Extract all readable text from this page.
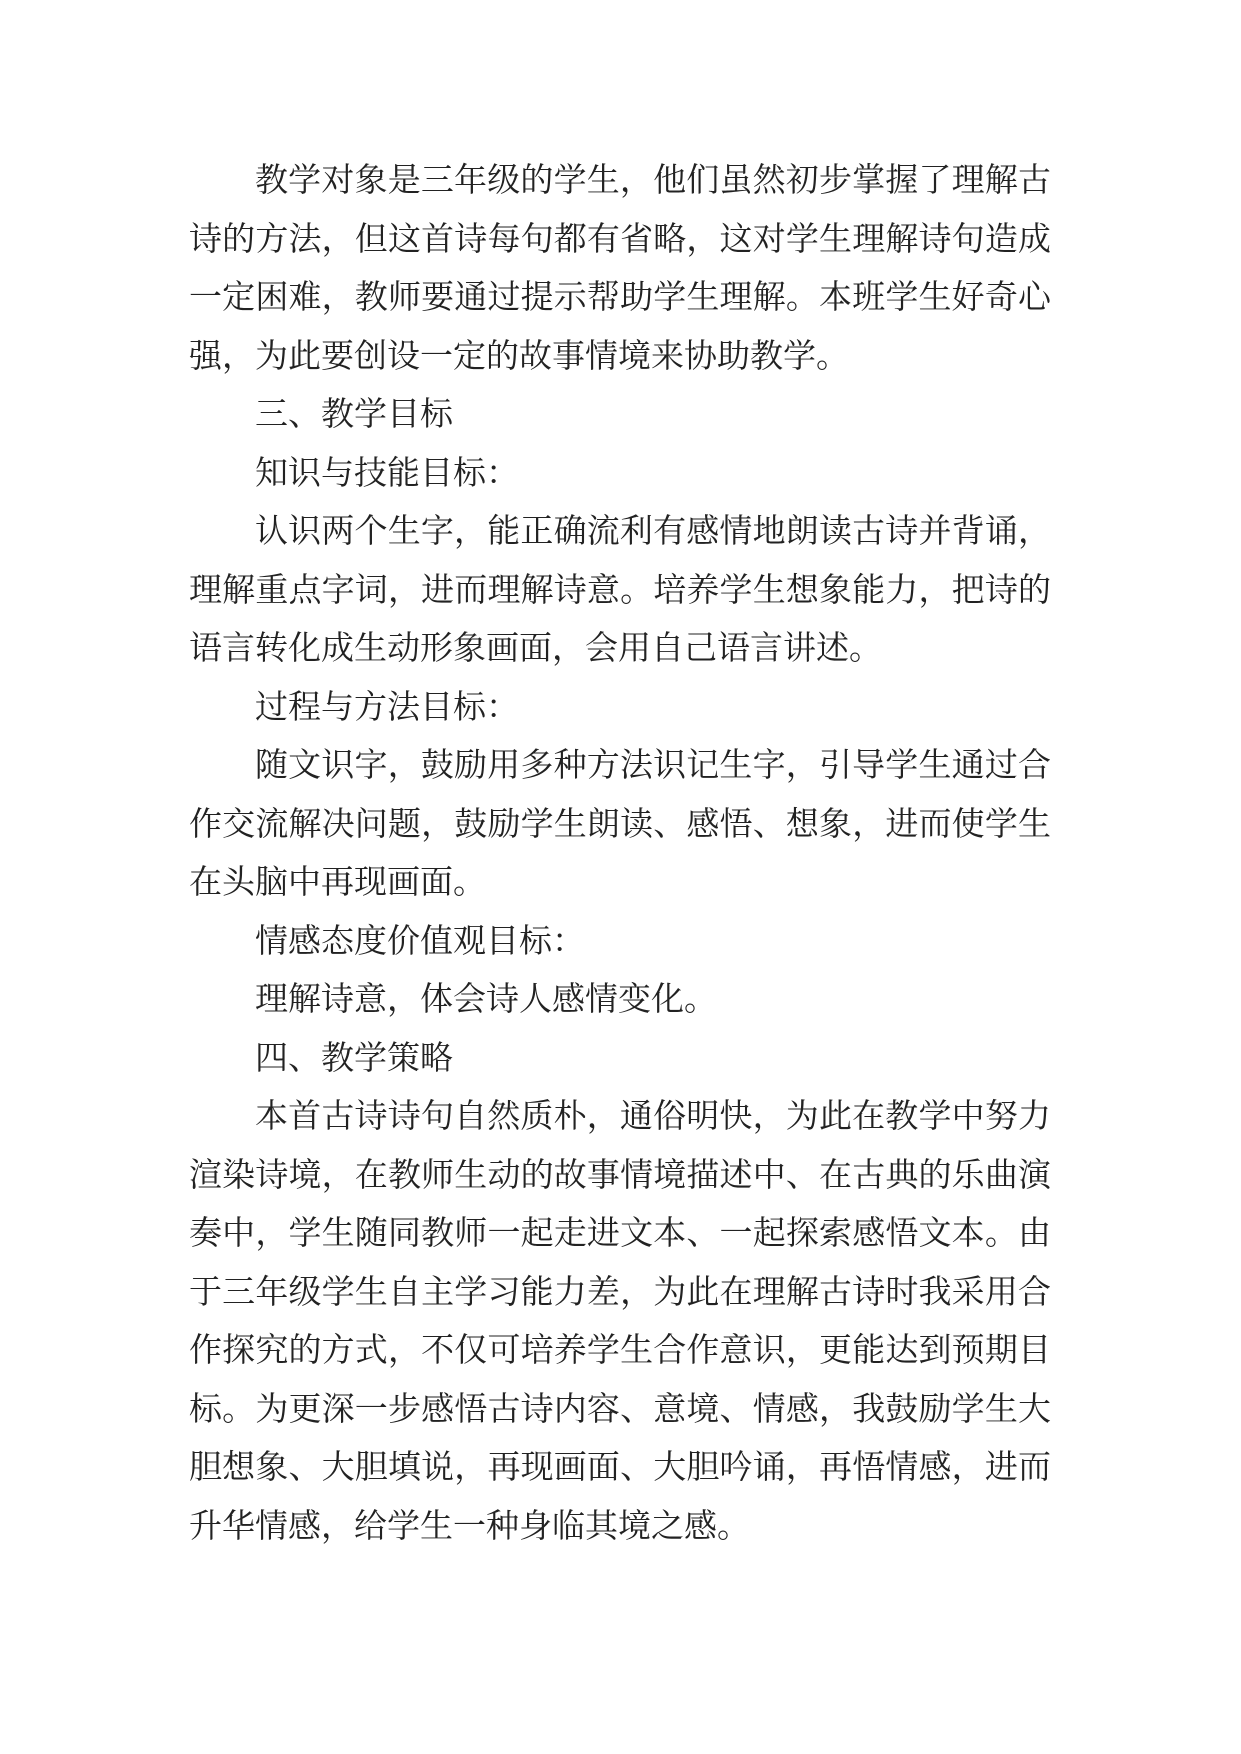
教学对象是三年级的学生，他们虽然初步掌握了理解古诗的方法，但这首诗每句都有省略，这对学生理解诗句造成一定困难，教师要通过提示帮助学生理解。本班学生好奇心强，为此要创设一定的故事情境来协助教学。

三、教学目标

知识与技能目标：

认识两个生字，能正确流利有感情地朗读古诗并背诵，理解重点字词，进而理解诗意。培养学生想象能力，把诗的语言转化成生动形象画面，会用自己语言讲述。

过程与方法目标：

随文识字，鼓励用多种方法识记生字，引导学生通过合作交流解决问题，鼓励学生朗读、感悟、想象，进而使学生在头脑中再现画面。

情感态度价值观目标：

理解诗意，体会诗人感情变化。

四、教学策略

本首古诗诗句自然质朴，通俗明快，为此在教学中努力渲染诗境，在教师生动的故事情境描述中、在古典的乐曲演奏中，学生随同教师一起走进文本、一起探索感悟文本。由于三年级学生自主学习能力差，为此在理解古诗时我采用合作探究的方式，不仅可培养学生合作意识，更能达到预期目标。为更深一步感悟古诗内容、意境、情感，我鼓励学生大胆想象、大胆填说，再现画面、大胆吟诵，再悟情感，进而升华情感，给学生一种身临其境之感。
